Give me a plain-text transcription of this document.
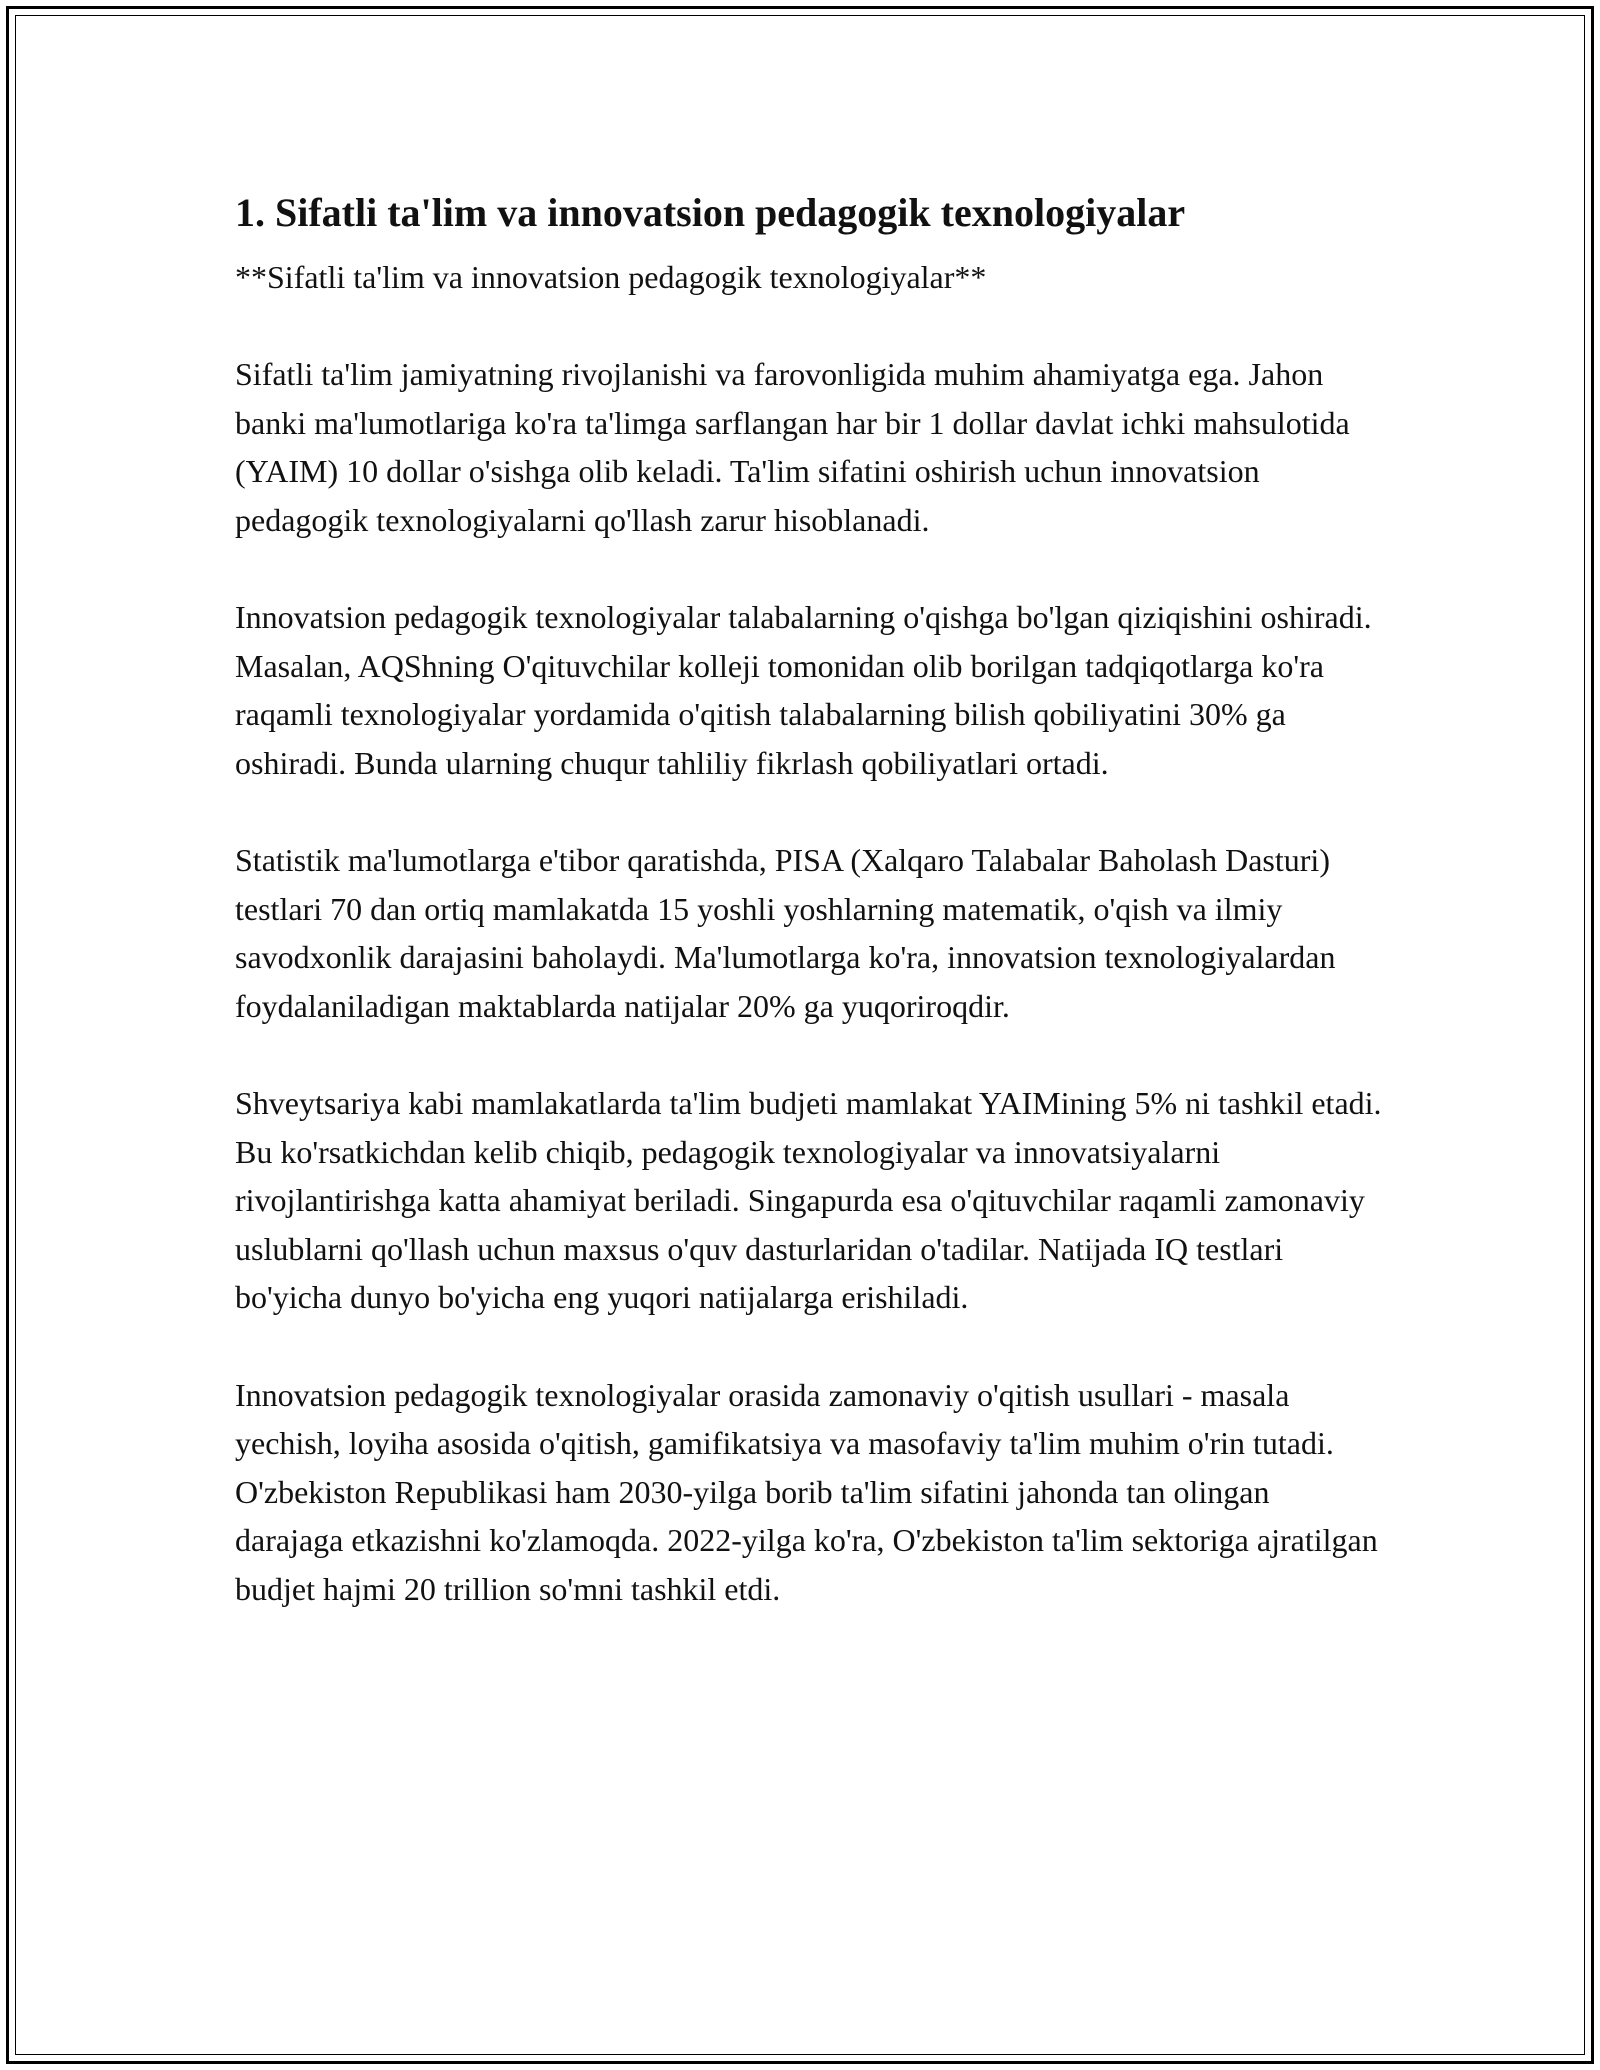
1. Sifatli ta'lim va innovatsion pedagogik texnologiyalar

**Sifatli ta'lim va innovatsion pedagogik texnologiyalar**

Sifatli ta'lim jamiyatning rivojlanishi va farovonligida muhim ahamiyatga ega. Jahon banki ma'lumotlariga ko'ra ta'limga sarflangan har bir 1 dollar davlat ichki mahsulotida (YAIM) 10 dollar o'sishga olib keladi. Ta'lim sifatini oshirish uchun innovatsion pedagogik texnologiyalarni qo'llash zarur hisoblanadi.

Innovatsion pedagogik texnologiyalar talabalarning o'qishga bo'lgan qiziqishini oshiradi. Masalan, AQShning O'qituvchilar kolleji tomonidan olib borilgan tadqiqotlarga ko'ra raqamli texnologiyalar yordamida o'qitish talabalarning bilish qobiliyatini 30% ga oshiradi. Bunda ularning chuqur tahliliy fikrlash qobiliyatlari ortadi.

Statistik ma'lumotlarga e'tibor qaratishda, PISA (Xalqaro Talabalar Baholash Dasturi) testlari 70 dan ortiq mamlakatda 15 yoshli yoshlarning matematik, o'qish va ilmiy savodxonlik darajasini baholaydi. Ma'lumotlarga ko'ra, innovatsion texnologiyalardan foydalaniladigan maktablarda natijalar 20% ga yuqoriroqdir.

Shveytsariya kabi mamlakatlarda ta'lim budjeti mamlakat YAIMining 5% ni tashkil etadi. Bu ko'rsatkichdan kelib chiqib, pedagogik texnologiyalar va innovatsiyalarni rivojlantirishga katta ahamiyat beriladi. Singapurda esa o'qituvchilar raqamli zamonaviy uslublarni qo'llash uchun maxsus o'quv dasturlaridan o'tadilar. Natijada IQ testlari bo'yicha dunyo bo'yicha eng yuqori natijalarga erishiladi.

Innovatsion pedagogik texnologiyalar orasida zamonaviy o'qitish usullari - masala yechish, loyiha asosida o'qitish, gamifikatsiya va masofaviy ta'lim muhim o'rin tutadi. O'zbekiston Republikasi ham 2030-yilga borib ta'lim sifatini jahonda tan olingan darajaga etkazishni ko'zlamoqda. 2022-yilga ko'ra, O'zbekiston ta'lim sektoriga ajratilgan budjet hajmi 20 trillion so'mni tashkil etdi.
